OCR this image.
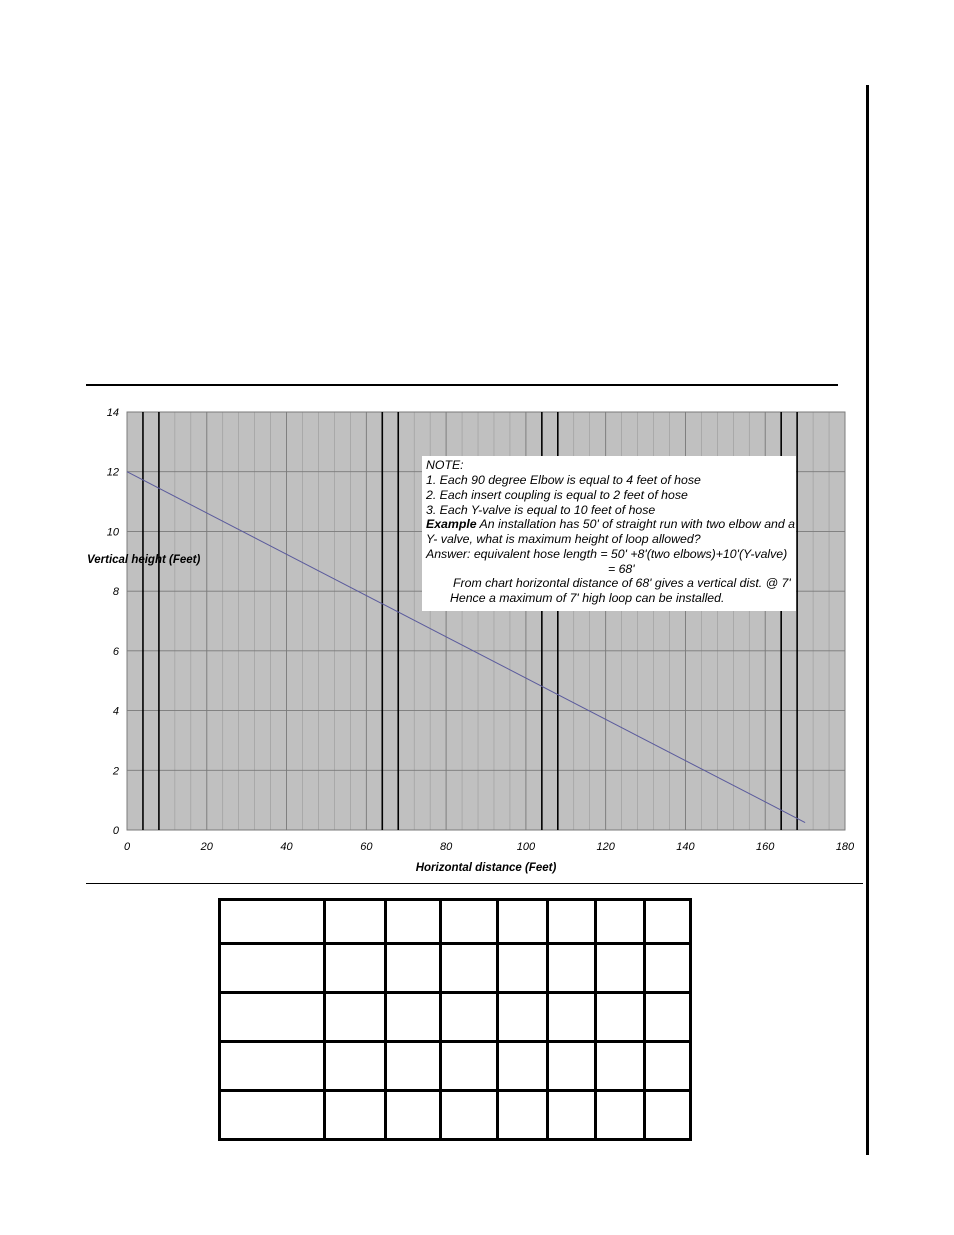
0	20	40	60	80	100	120	140	160	180
0
2
4
6
8
10
12
14
Horizontal distance (Feet)
Vertical height (Feet)
NOTE:
1. Each 90 degree Elbow is equal to 4 feet of hose
2. Each insert coupling is equal to 2 feet of hose
3. Each Y-valve is equal to 10 feet of hose
Example An installation has 50' of straight run with two elbow and a
Y- valve, what is maximum height of loop allowed?
Answer: equivalent hose length = 50' +8'(two elbows)+10'(Y-valve)
= 68'
From chart horizontal distance of 68' gives a vertical dist. @ 7'
Hence a maximum of 7' high loop can be installed.
